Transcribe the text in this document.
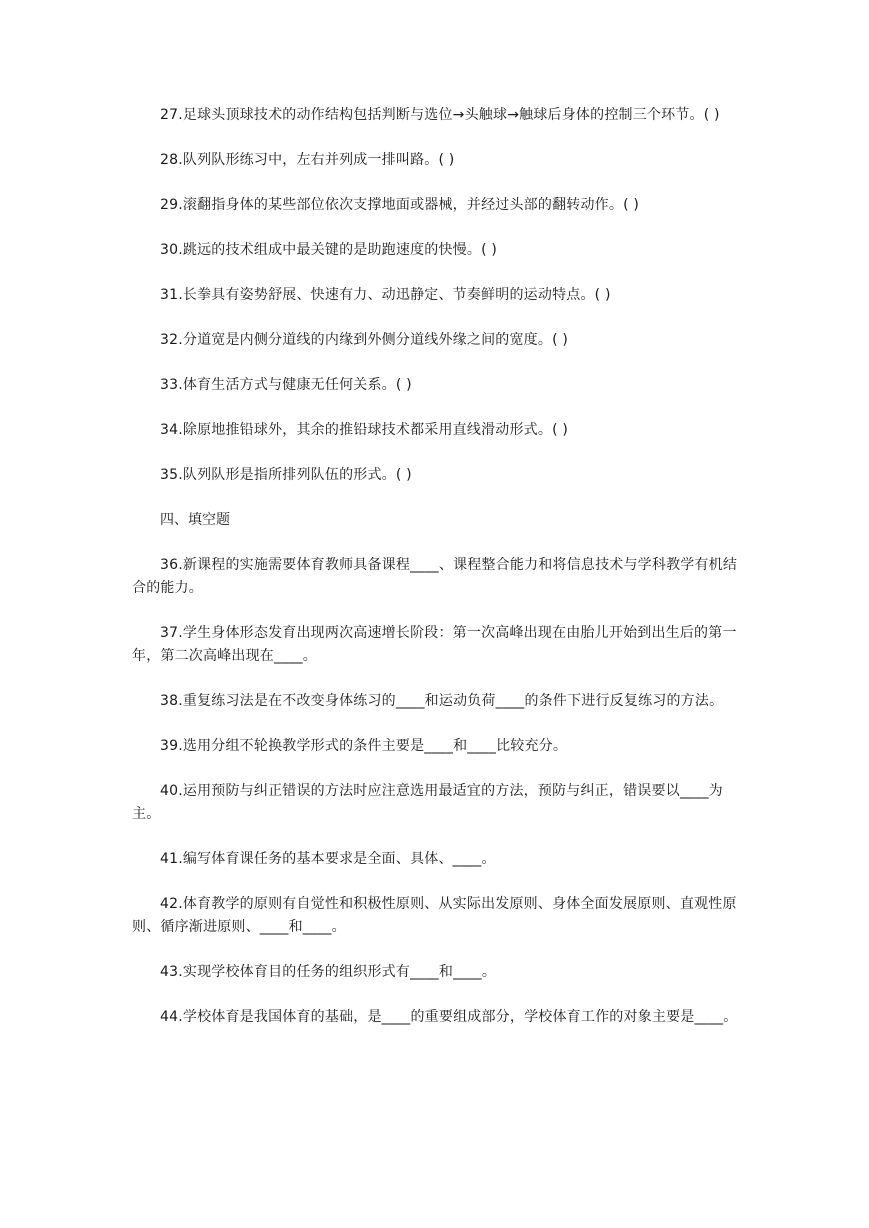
27.足球头顶球技术的动作结构包括判断与选位→头触球→触球后身体的控制三个环节。( )

28.队列队形练习中，左右并列成一排叫路。( )

29.滚翻指身体的某些部位依次支撑地面或器械，并经过头部的翻转动作。( )

30.跳远的技术组成中最关键的是助跑速度的快慢。( )

31.长拳具有姿势舒展、快速有力、动迅静定、节奏鲜明的运动特点。( )

32.分道宽是内侧分道线的内缘到外侧分道线外缘之间的宽度。( )

33.体育生活方式与健康无任何关系。( )

34.除原地推铅球外，其余的推铅球技术都采用直线滑动形式。( )

35.队列队形是指所排列队伍的形式。( )

四、填空题

36.新课程的实施需要体育教师具备课程____、课程整合能力和将信息技术与学科教学有机结合的能力。

37.学生身体形态发育出现两次高速增长阶段：第一次高峰出现在由胎儿开始到出生后的第一年，第二次高峰出现在____。

38.重复练习法是在不改变身体练习的____和运动负荷____的条件下进行反复练习的方法。

39.选用分组不轮换教学形式的条件主要是____和____比较充分。

40.运用预防与纠正错误的方法时应注意选用最适宜的方法，预防与纠正，错误要以____为主。

41.编写体育课任务的基本要求是全面、具体、____。

42.体育教学的原则有自觉性和积极性原则、从实际出发原则、身体全面发展原则、直观性原则、循序渐进原则、____和____。

43.实现学校体育目的任务的组织形式有____和____。

44.学校体育是我国体育的基础，是____的重要组成部分，学校体育工作的对象主要是____。
